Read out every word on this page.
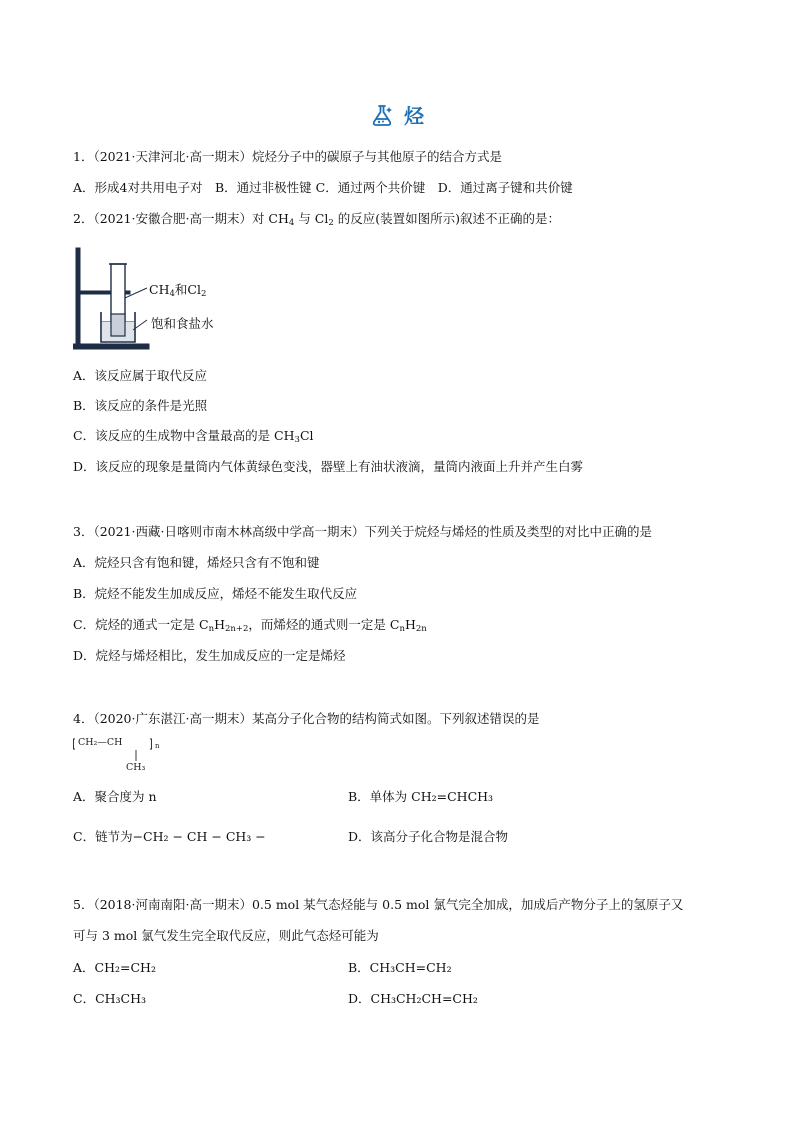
烃
1．（2021·天津河北·高一期末）烷烃分子中的碳原子与其他原子的结合方式是
A．形成4对共用电子对　B．通过非极性键 C．通过两个共价键　D．通过离子键和共价键
2．（2021·安徽合肥·高一期末）对 $CH_4$ 与 $Cl_2$ 的反应(装置如图所示)叙述不正确的是：
$CH_4$和$Cl_2$
饱和食盐水
A．该反应属于取代反应
B．该反应的条件是光照
C．该反应的生成物中含量最高的是 $CH_3Cl$
D．该反应的现象是量筒内气体黄绿色变浅，器壁上有油状液滴，量筒内液面上升并产生白雾
3．（2021·西藏·日喀则市南木林高级中学高一期末）下列关于烷烃与烯烃的性质及类型的对比中正确的是
A．烷烃只含有饱和键，烯烃只含有不饱和键
B．烷烃不能发生加成反应，烯烃不能发生取代反应
C．烷烃的通式一定是 $C_nH_{2n+2}$，而烯烃的通式则一定是 $C_nH_{2n}$
D．烷烃与烯烃相比，发生加成反应的一定是烯烃
4．（2020·广东湛江·高一期末）某高分子化合物的结构简式如图。下列叙述错误的是
CH₂—CH	n
CH₃
A．聚合度为 n	B．单体为 CH₂=CHCH₃
C．链节为−CH₂ − CH − CH₃ −	D．该高分子化合物是混合物
5．（2018·河南南阳·高一期末）0.5 mol 某气态烃能与 0.5 mol 氯气完全加成，加成后产物分子上的氢原子又
可与 3 mol 氯气发生完全取代反应，则此气态烃可能为
A．CH₂=CH₂	B．CH₃CH=CH₂
C．CH₃CH₃	D．CH₃CH₂CH=CH₂
